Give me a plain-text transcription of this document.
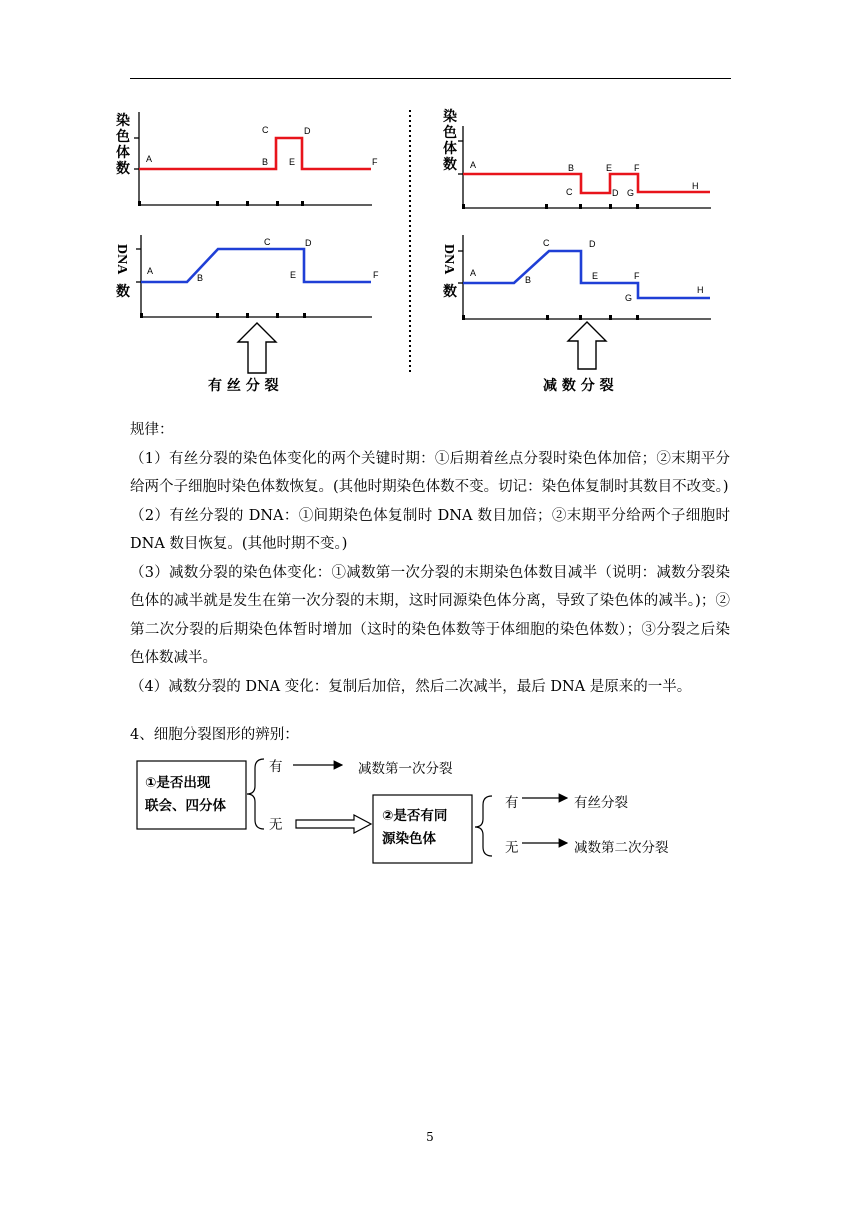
A	B
C	D
E	F
染
色
体
数
A
B
C	D
E	F
DNA
数
有 丝 分 裂
A	B
C	D
E F
G
H
染
色
体
数
A
B
C	D
E	F
G
H
DNA
数
减 数 分 裂

规律：

（1）有丝分裂的染色体变化的两个关键时期：①后期着丝点分裂时染色体加倍；②末期平分给两个子细胞时染色体数恢复。(其他时期染色体数不变。切记：染色体复制时其数目不改变。)

（2）有丝分裂的 DNA：①间期染色体复制时 DNA 数目加倍；②末期平分给两个子细胞时 DNA 数目恢复。(其他时期不变。)

（3）减数分裂的染色体变化：①减数第一次分裂的末期染色体数目减半（说明：减数分裂染色体的减半就是发生在第一次分裂的末期，这时同源染色体分离，导致了染色体的减半。)；②第二次分裂的后期染色体暂时增加（这时的染色体数等于体细胞的染色体数）；③分裂之后染色体数减半。

（4）减数分裂的 DNA 变化：复制后加倍，然后二次减半，最后 DNA 是原来的一半。

4、细胞分裂图形的辨别：
①是否出现
联会、四分体
有	减数第一次分裂
无
②是否有同
源染色体
有	有丝分裂
无	减数第二次分裂
5
